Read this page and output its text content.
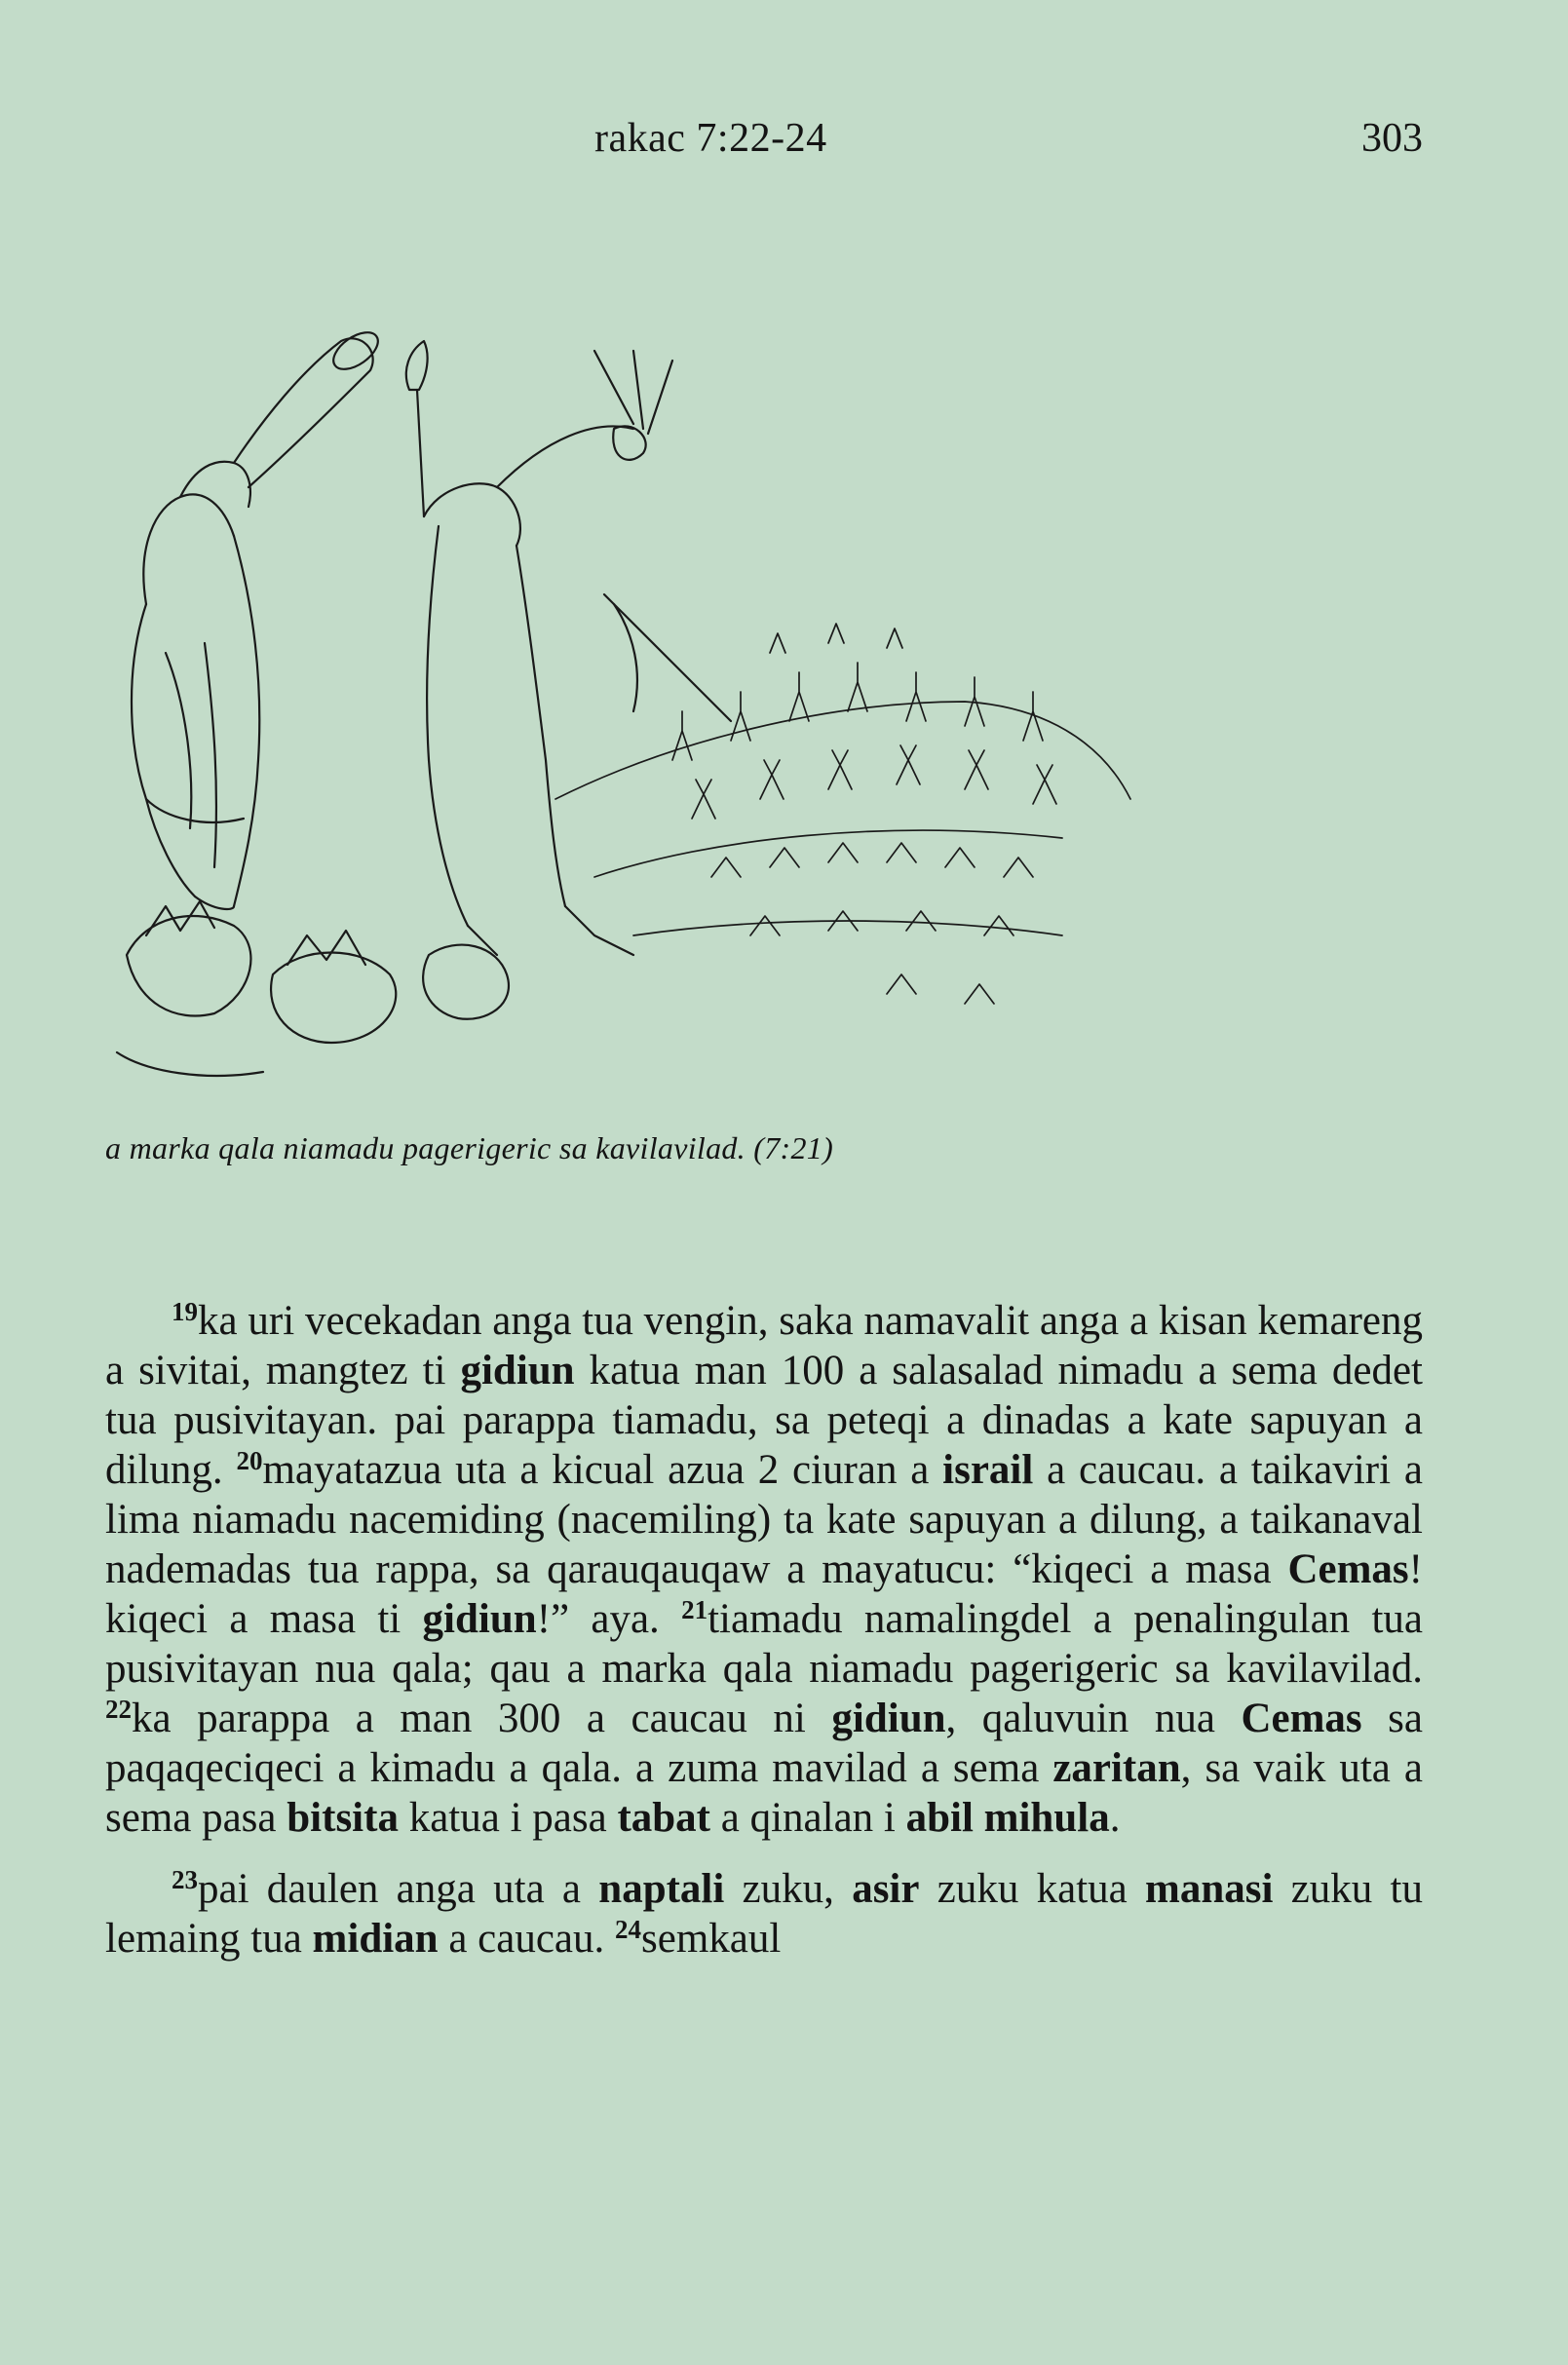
rakac 7:22-24	303
a marka qala niamadu pagerigeric sa kavilavilad. (7:21)

$^{19}$ka uri vecekadan anga tua vengin, saka namavalit anga a kisan kemareng a sivitai, mangtez ti gidiun katua man 100 a salasalad nimadu a sema dedet tua pusivitayan. pai parappa tiamadu, sa peteqi a dinadas a kate sapuyan a dilung. $^{20}$mayatazua uta a kicual azua 2 ciuran a israil a caucau. a taikaviri a lima niamadu nacemiding (nacemiling) ta kate sapuyan a dilung, a taikanaval nademadas tua rappa, sa qarauqauqaw a mayatucu: “kiqeci a masa Cemas! kiqeci a masa ti gidiun!” aya. $^{21}$tiamadu namalingdel a penalingulan tua pusivitayan nua qala; qau a marka qala niamadu pagerigeric sa kavilavilad. $^{22}$ka parappa a man 300 a caucau ni gidiun, qaluvuin nua Cemas sa paqaqeciqeci a kimadu a qala. a zuma mavilad a sema zaritan, sa vaik uta a sema pasa bitsita katua i pasa tabat a qinalan i abil mihula.

$^{23}$pai daulen anga uta a naptali zuku, asir zuku katua manasi zuku tu lemaing tua midian a caucau. $^{24}$semkaul
